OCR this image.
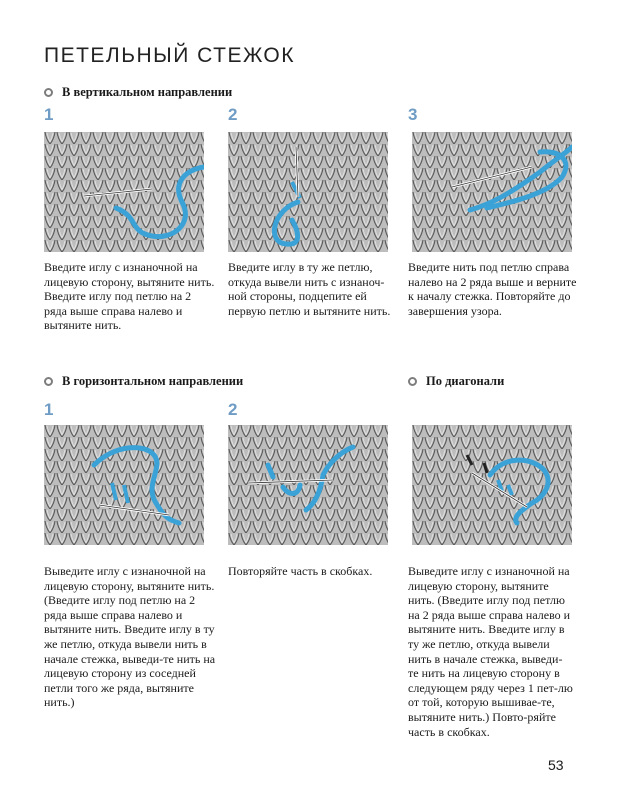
ПЕТЕЛЬНЫЙ СТЕЖОК
В вертикальном направлении
1	2	3
Введите иглу с изнаночной на лицевую сторону, вытяните нить. Введите иглу под петлю на 2 ряда выше справа налево и вытяните нить.
Введите иглу в ту же петлю, откуда вывели нить с изнаноч-ной стороны, подцепите ей первую петлю и вытяните нить.
Введите нить под петлю справа налево на 2 ряда выше и верните к началу стежка. Повторяйте до завершения узора.
В горизонтальном направлении	По диагонали
1	2
Выведите иглу с изнаночной на лицевую сторону, вытяните нить. (Введите иглу под петлю на 2 ряда выше справа налево и вытяните нить. Введите иглу в ту же петлю, откуда вывели нить в начале стежка, выведи-те нить на лицевую сторону из соседней петли того же ряда, вытяните нить.)
Повторяйте часть в скобках.	Выведите иглу с изнаночной на лицевую сторону, вытяните нить. (Введите иглу под петлю на 2 ряда выше справа налево и вытяните нить. Введите иглу в ту же петлю, откуда вывели нить в начале стежка, выведи-те нить на лицевую сторону в следующем ряду через 1 пет-лю от той, которую вышивае-те, вытяните нить.) Повто-ряйте часть в скобках.
53
